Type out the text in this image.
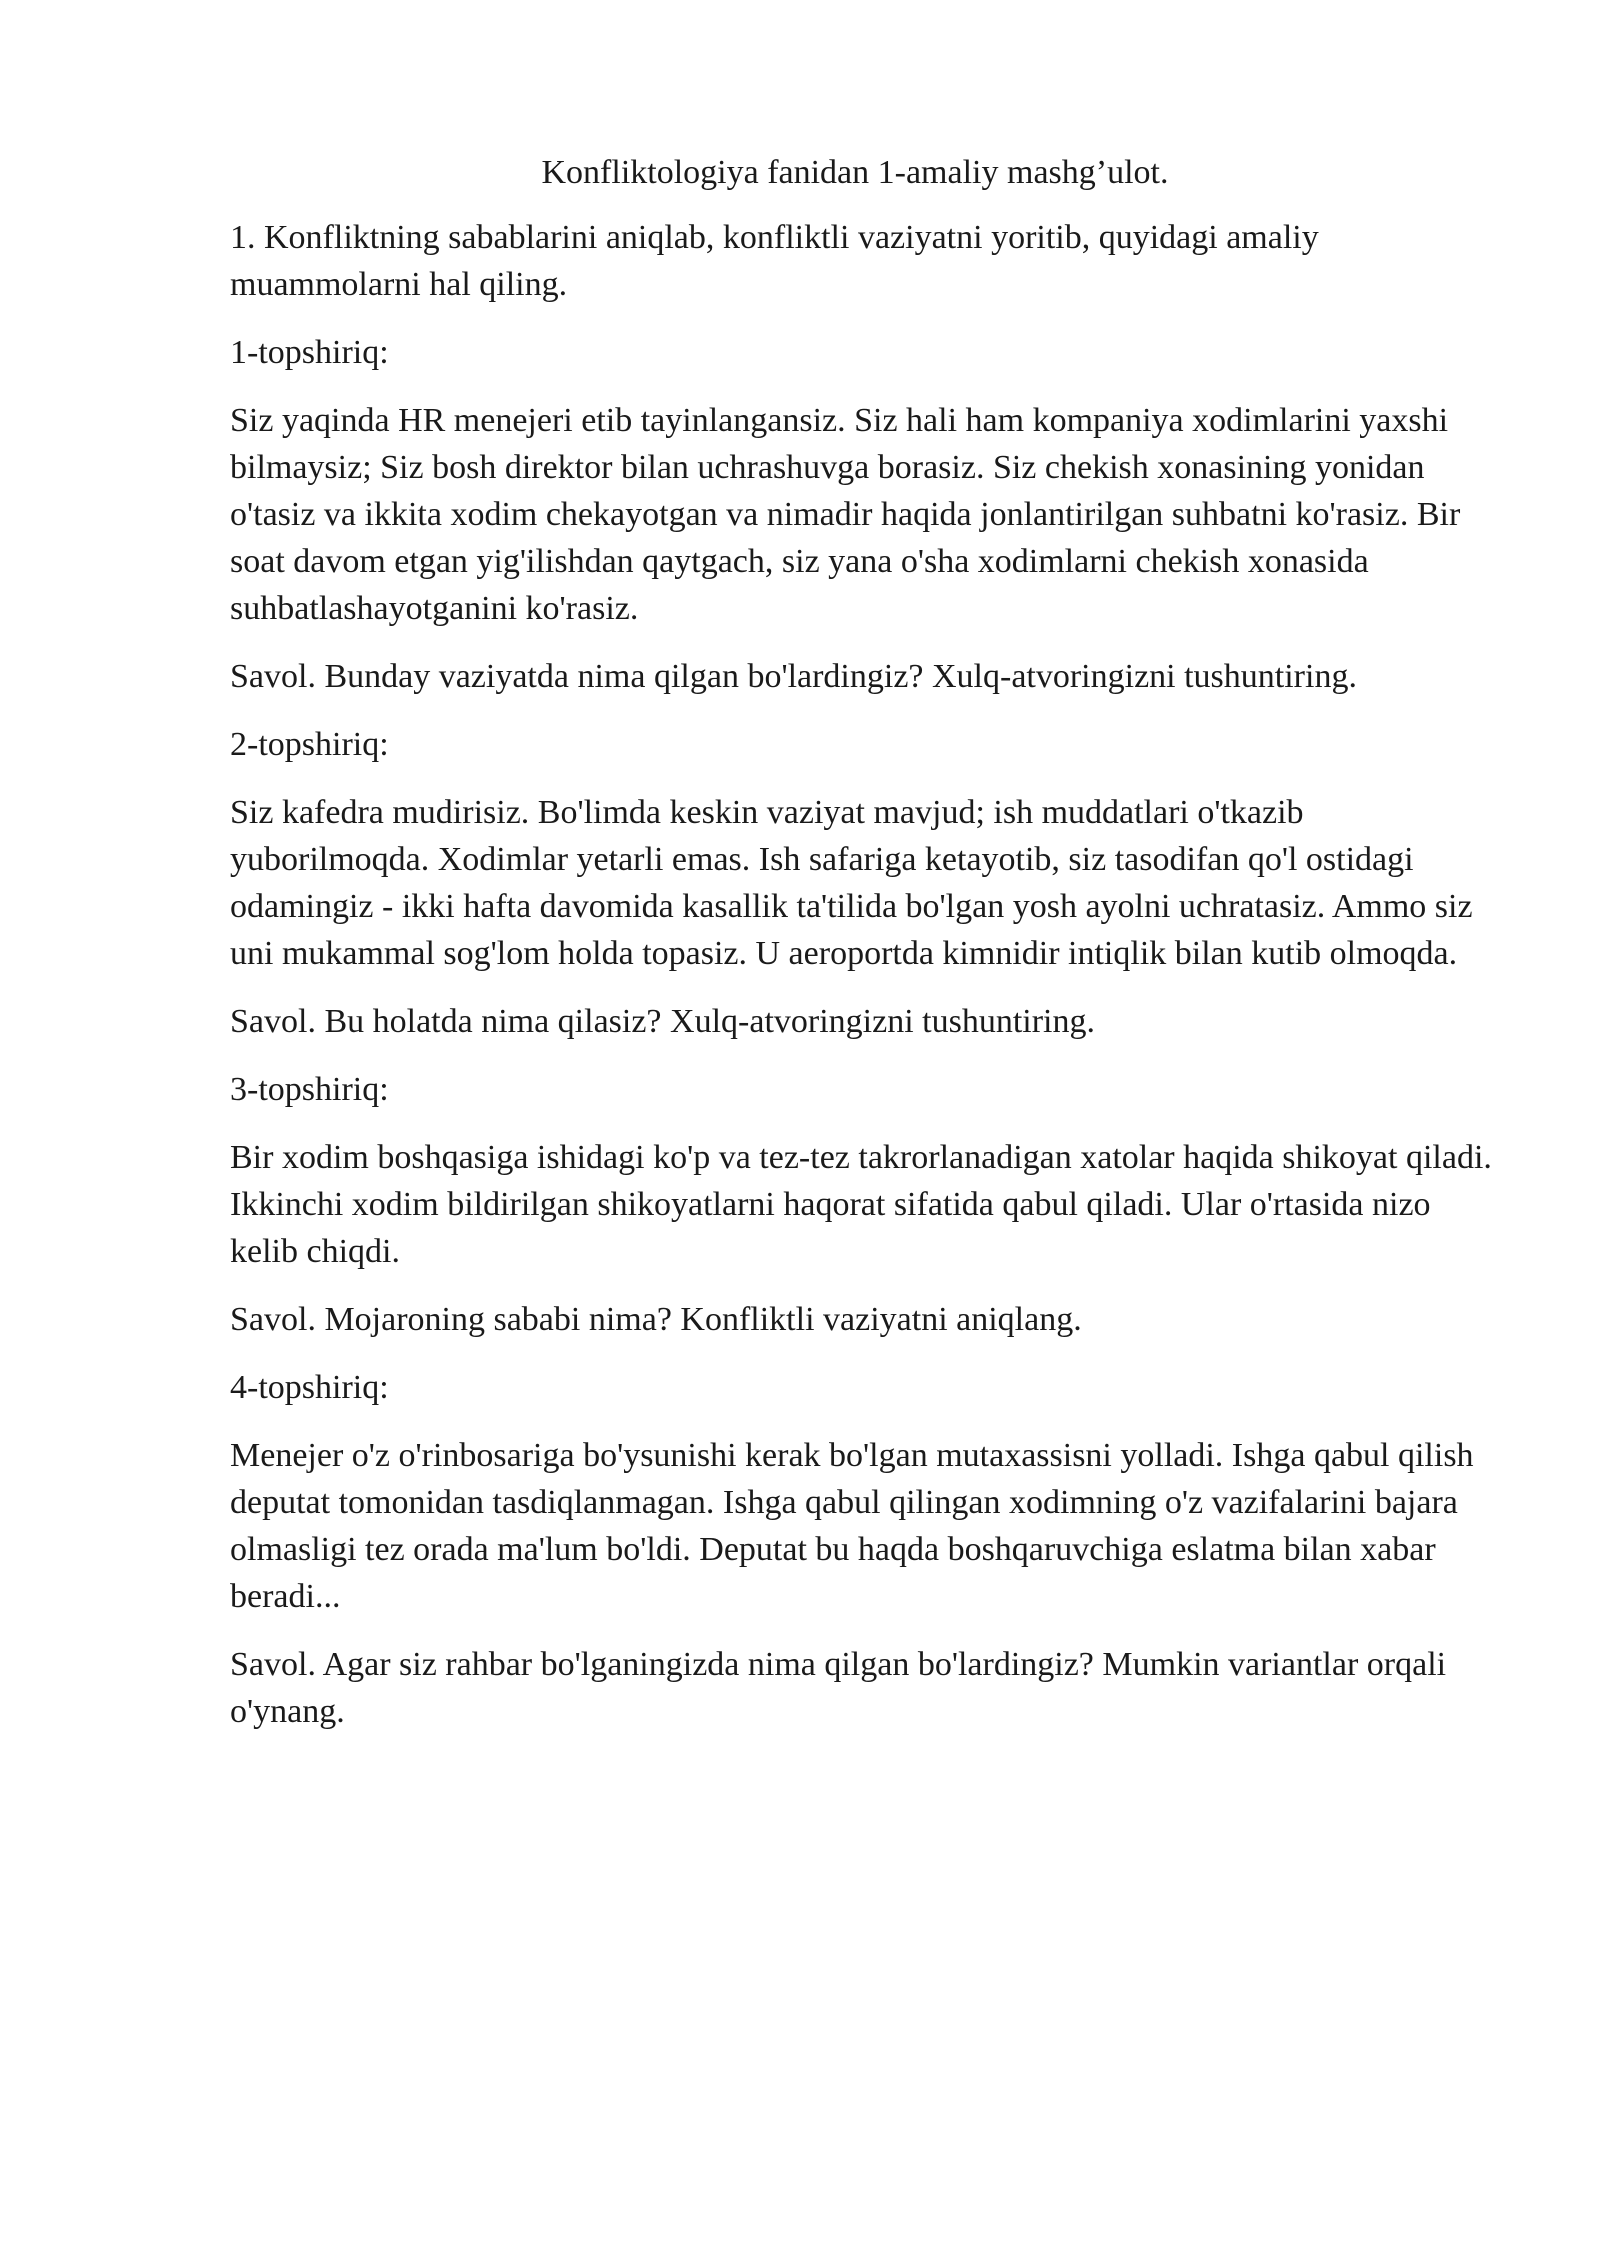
Konfliktologiya fanidan 1-amaliy mashg’ulot.

1. Konfliktning sabablarini aniqlab, konfliktli vaziyatni yoritib, quyidagi amaliy muammolarni hal qiling.

1-topshiriq:

Siz yaqinda HR menejeri etib tayinlangansiz. Siz hali ham kompaniya xodimlarini yaxshi bilmaysiz; Siz bosh direktor bilan uchrashuvga borasiz. Siz chekish xonasining yonidan o'tasiz va ikkita xodim chekayotgan va nimadir haqida jonlantirilgan suhbatni ko'rasiz. Bir soat davom etgan yig'ilishdan qaytgach, siz yana o'sha xodimlarni chekish xonasida suhbatlashayotganini ko'rasiz.

Savol. Bunday vaziyatda nima qilgan bo'lardingiz? Xulq-atvoringizni tushuntiring.

2-topshiriq:

Siz kafedra mudirisiz. Bo'limda keskin vaziyat mavjud; ish muddatlari o'tkazib yuborilmoqda. Xodimlar yetarli emas. Ish safariga ketayotib, siz tasodifan qo'l ostidagi odamingiz - ikki hafta davomida kasallik ta'tilida bo'lgan yosh ayolni uchratasiz. Ammo siz uni mukammal sog'lom holda topasiz. U aeroportda kimnidir intiqlik bilan kutib olmoqda.

Savol. Bu holatda nima qilasiz? Xulq-atvoringizni tushuntiring.

3-topshiriq:

Bir xodim boshqasiga ishidagi ko'p va tez-tez takrorlanadigan xatolar haqida shikoyat qiladi. Ikkinchi xodim bildirilgan shikoyatlarni haqorat sifatida qabul qiladi. Ular o'rtasida nizo kelib chiqdi.

Savol. Mojaroning sababi nima? Konfliktli vaziyatni aniqlang.

4-topshiriq:

Menejer o'z o'rinbosariga bo'ysunishi kerak bo'lgan mutaxassisni yolladi. Ishga qabul qilish deputat tomonidan tasdiqlanmagan. Ishga qabul qilingan xodimning o'z vazifalarini bajara olmasligi tez orada ma'lum bo'ldi. Deputat bu haqda boshqaruvchiga eslatma bilan xabar beradi...

Savol. Agar siz rahbar bo'lganingizda nima qilgan bo'lardingiz? Mumkin variantlar orqali o'ynang.
